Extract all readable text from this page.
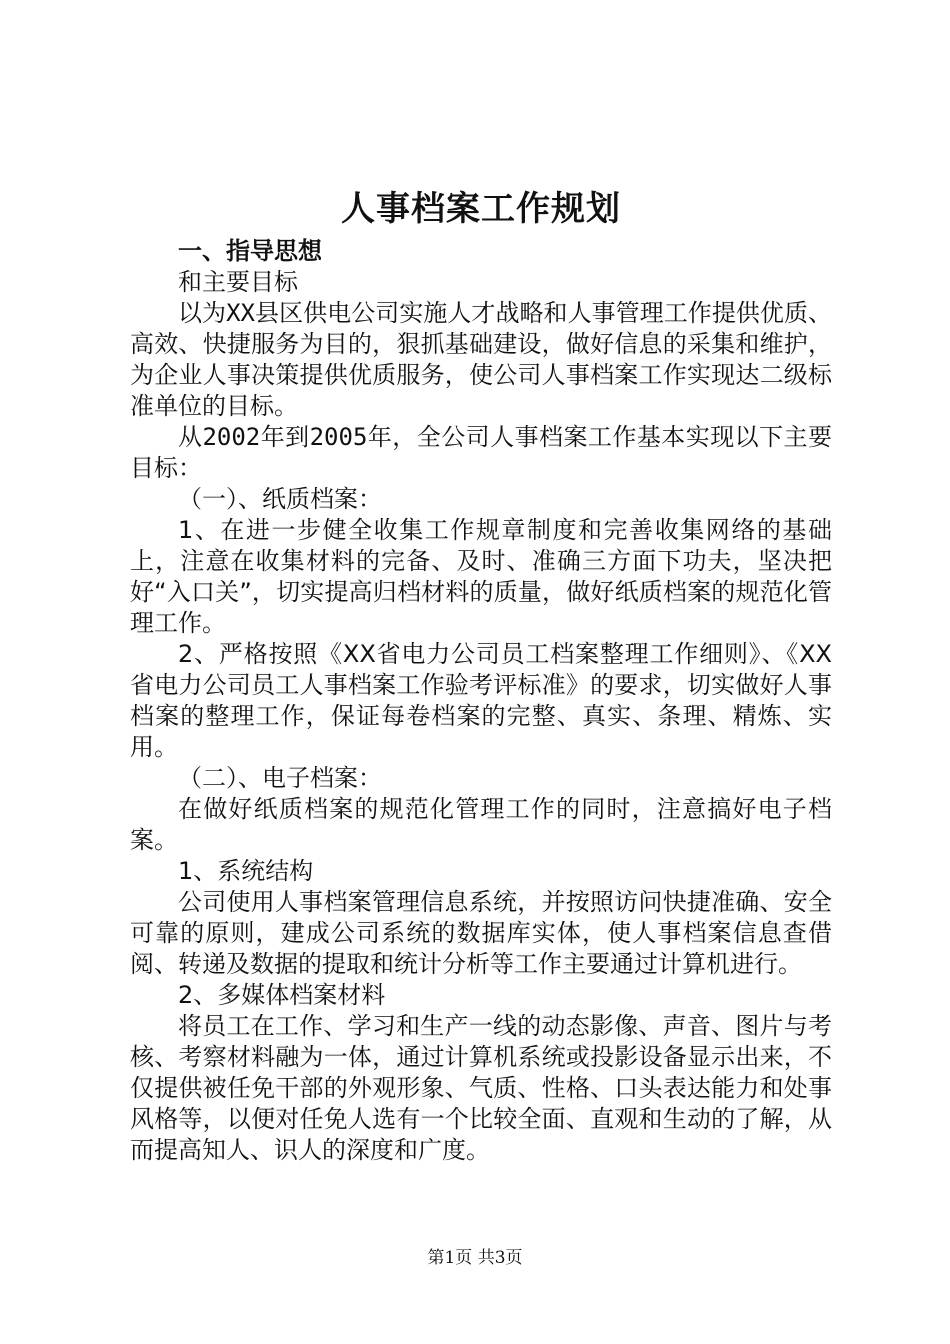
人事档案工作规划

一、指导思想

和主要目标

以为XX县区供电公司实施人才战略和人事管理工作提供优质、高效、快捷服务为目的，狠抓基础建设，做好信息的采集和维护，为企业人事决策提供优质服务，使公司人事档案工作实现达二级标准单位的目标。

从2002年到2005年，全公司人事档案工作基本实现以下主要目标：

（一）、纸质档案：

1、在进一步健全收集工作规章制度和完善收集网络的基础上，注意在收集材料的完备、及时、准确三方面下功夫，坚决把好“入口关”，切实提高归档材料的质量，做好纸质档案的规范化管理工作。

2、严格按照《XX省电力公司员工档案整理工作细则》、《XX省电力公司员工人事档案工作验考评标准》的要求，切实做好人事档案的整理工作，保证每卷档案的完整、真实、条理、精炼、实用。

（二）、电子档案：

在做好纸质档案的规范化管理工作的同时，注意搞好电子档案。

1、系统结构

公司使用人事档案管理信息系统，并按照访问快捷准确、安全可靠的原则，建成公司系统的数据库实体，使人事档案信息查借阅、转递及数据的提取和统计分析等工作主要通过计算机进行。

2、多媒体档案材料

将员工在工作、学习和生产一线的动态影像、声音、图片与考核、考察材料融为一体，通过计算机系统或投影设备显示出来，不仅提供被任免干部的外观形象、气质、性格、口头表达能力和处事风格等，以便对任免人选有一个比较全面、直观和生动的了解，从而提高知人、识人的深度和广度。

第1页 共3页
